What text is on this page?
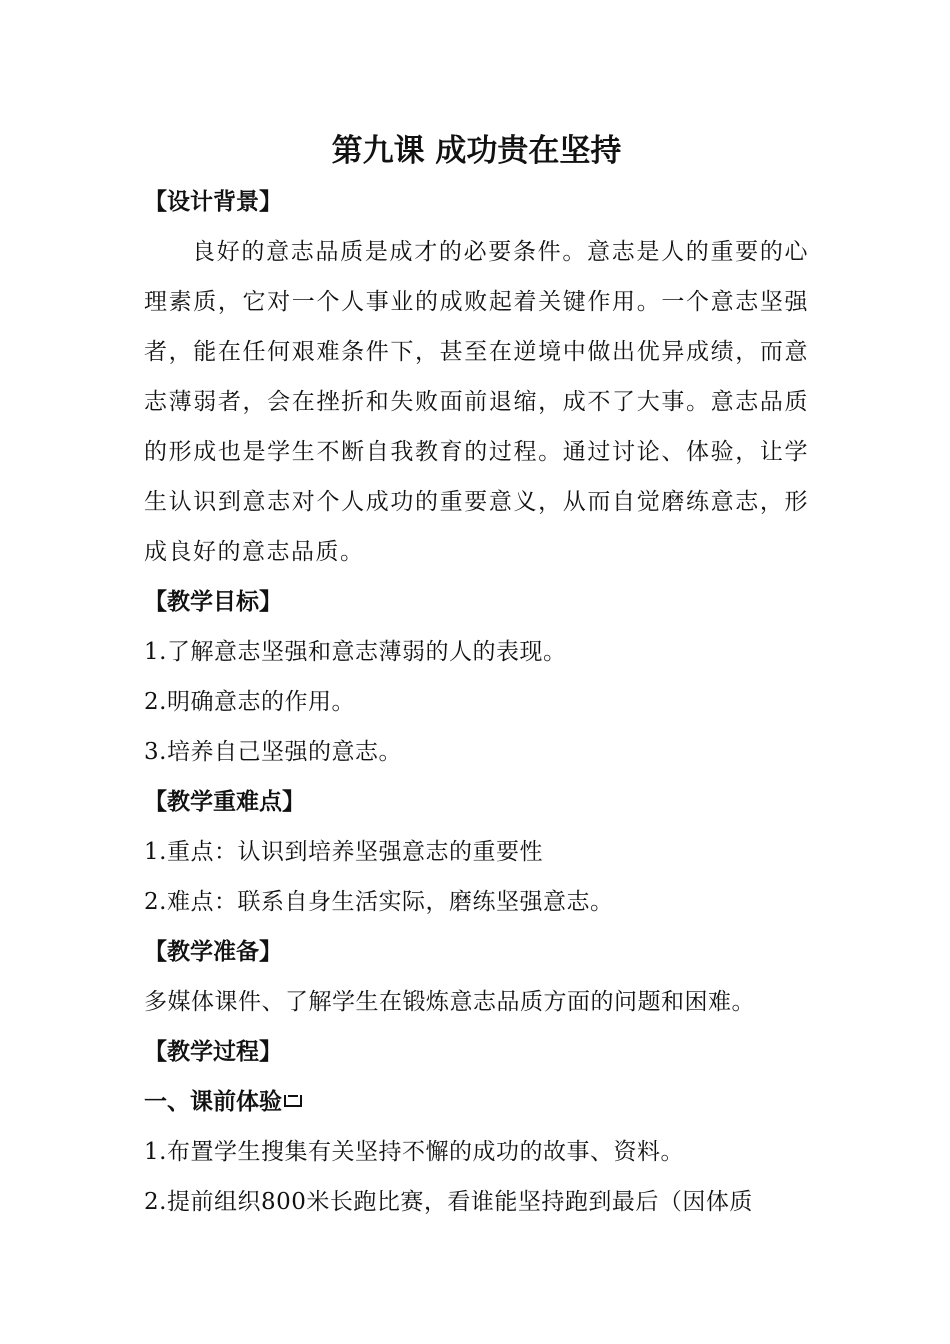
第九课 成功贵在坚持
【设计背景】
良好的意志品质是成才的必要条件。意志是人的重要的心理素质，它对一个人事业的成败起着关键作用。一个意志坚强者，能在任何艰难条件下，甚至在逆境中做出优异成绩，而意志薄弱者，会在挫折和失败面前退缩，成不了大事。意志品质的形成也是学生不断自我教育的过程。通过讨论、体验，让学生认识到意志对个人成功的重要意义，从而自觉磨练意志，形成良好的意志品质。
【教学目标】
1.了解意志坚强和意志薄弱的人的表现。
2.明确意志的作用。
3.培养自己坚强的意志。
【教学重难点】
1.重点：认识到培养坚强意志的重要性
2.难点：联系自身生活实际，磨练坚强意志。
【教学准备】
多媒体课件、了解学生在锻炼意志品质方面的问题和困难。
【教学过程】
一、课前体验
1.布置学生搜集有关坚持不懈的成功的故事、资料。
2.提前组织800米长跑比赛，看谁能坚持跑到最后（因体质
